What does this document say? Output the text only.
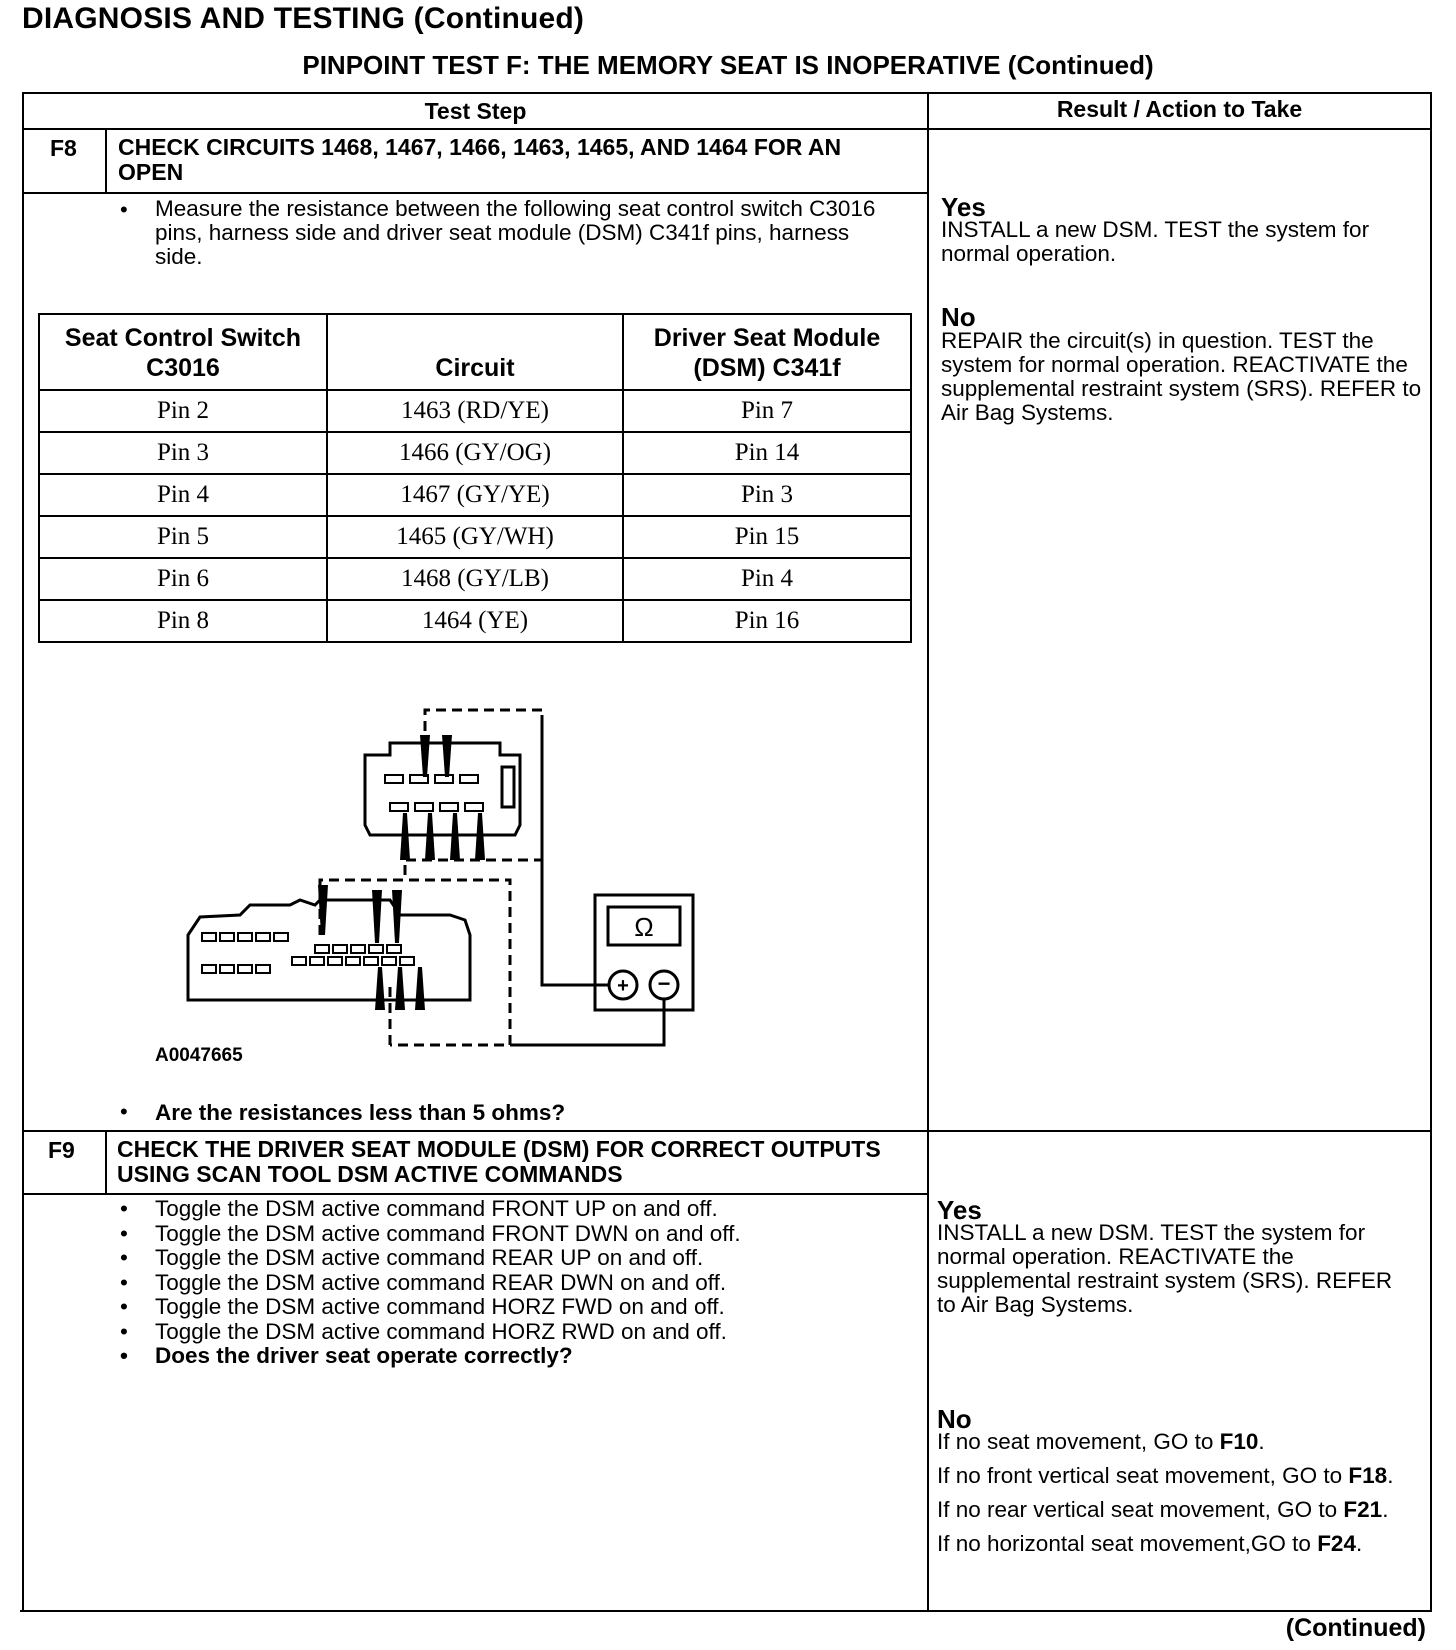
DIAGNOSIS AND TESTING (Continued)
PINPOINT TEST F: THE MEMORY SEAT IS INOPERATIVE (Continued)
Test Step	Result / Action to Take
F8 CHECK CIRCUITS 1468, 1467, 1466, 1463, 1465, AND 1464 FOR AN OPEN
• Measure the resistance between the following seat control switch C3016 pins, harness side and driver seat module (DSM) C341f pins, harness side.
Seat Control Switch C3016	Circuit	Driver Seat Module (DSM) C341f
Pin 2	1463 (RD/YE)	Pin 7
Pin 3	1466 (GY/OG)	Pin 14
Pin 4	1467 (GY/YE)	Pin 3
Pin 5	1465 (GY/WH)	Pin 15
Pin 6	1468 (GY/LB)	Pin 4
Pin 8	1464 (YE)	Pin 16
Ω
+ −
A0047665
• Are the resistances less than 5 ohms?
Yes
INSTALL a new DSM. TEST the system for normal operation.
No
REPAIR the circuit(s) in question. TEST the system for normal operation. REACTIVATE the supplemental restraint system (SRS). REFER to Air Bag Systems.
F9 CHECK THE DRIVER SEAT MODULE (DSM) FOR CORRECT OUTPUTS USING SCAN TOOL DSM ACTIVE COMMANDS
• Toggle the DSM active command FRONT UP on and off.
• Toggle the DSM active command FRONT DWN on and off.
• Toggle the DSM active command REAR UP on and off.
• Toggle the DSM active command REAR DWN on and off.
• Toggle the DSM active command HORZ FWD on and off.
• Toggle the DSM active command HORZ RWD on and off.
• Does the driver seat operate correctly?
Yes
INSTALL a new DSM. TEST the system for normal operation. REACTIVATE the supplemental restraint system (SRS). REFER to Air Bag Systems.
No
If no seat movement, GO to F10.
If no front vertical seat movement, GO to F18.
If no rear vertical seat movement, GO to F21.
If no horizontal seat movement,GO to F24.
(Continued)
